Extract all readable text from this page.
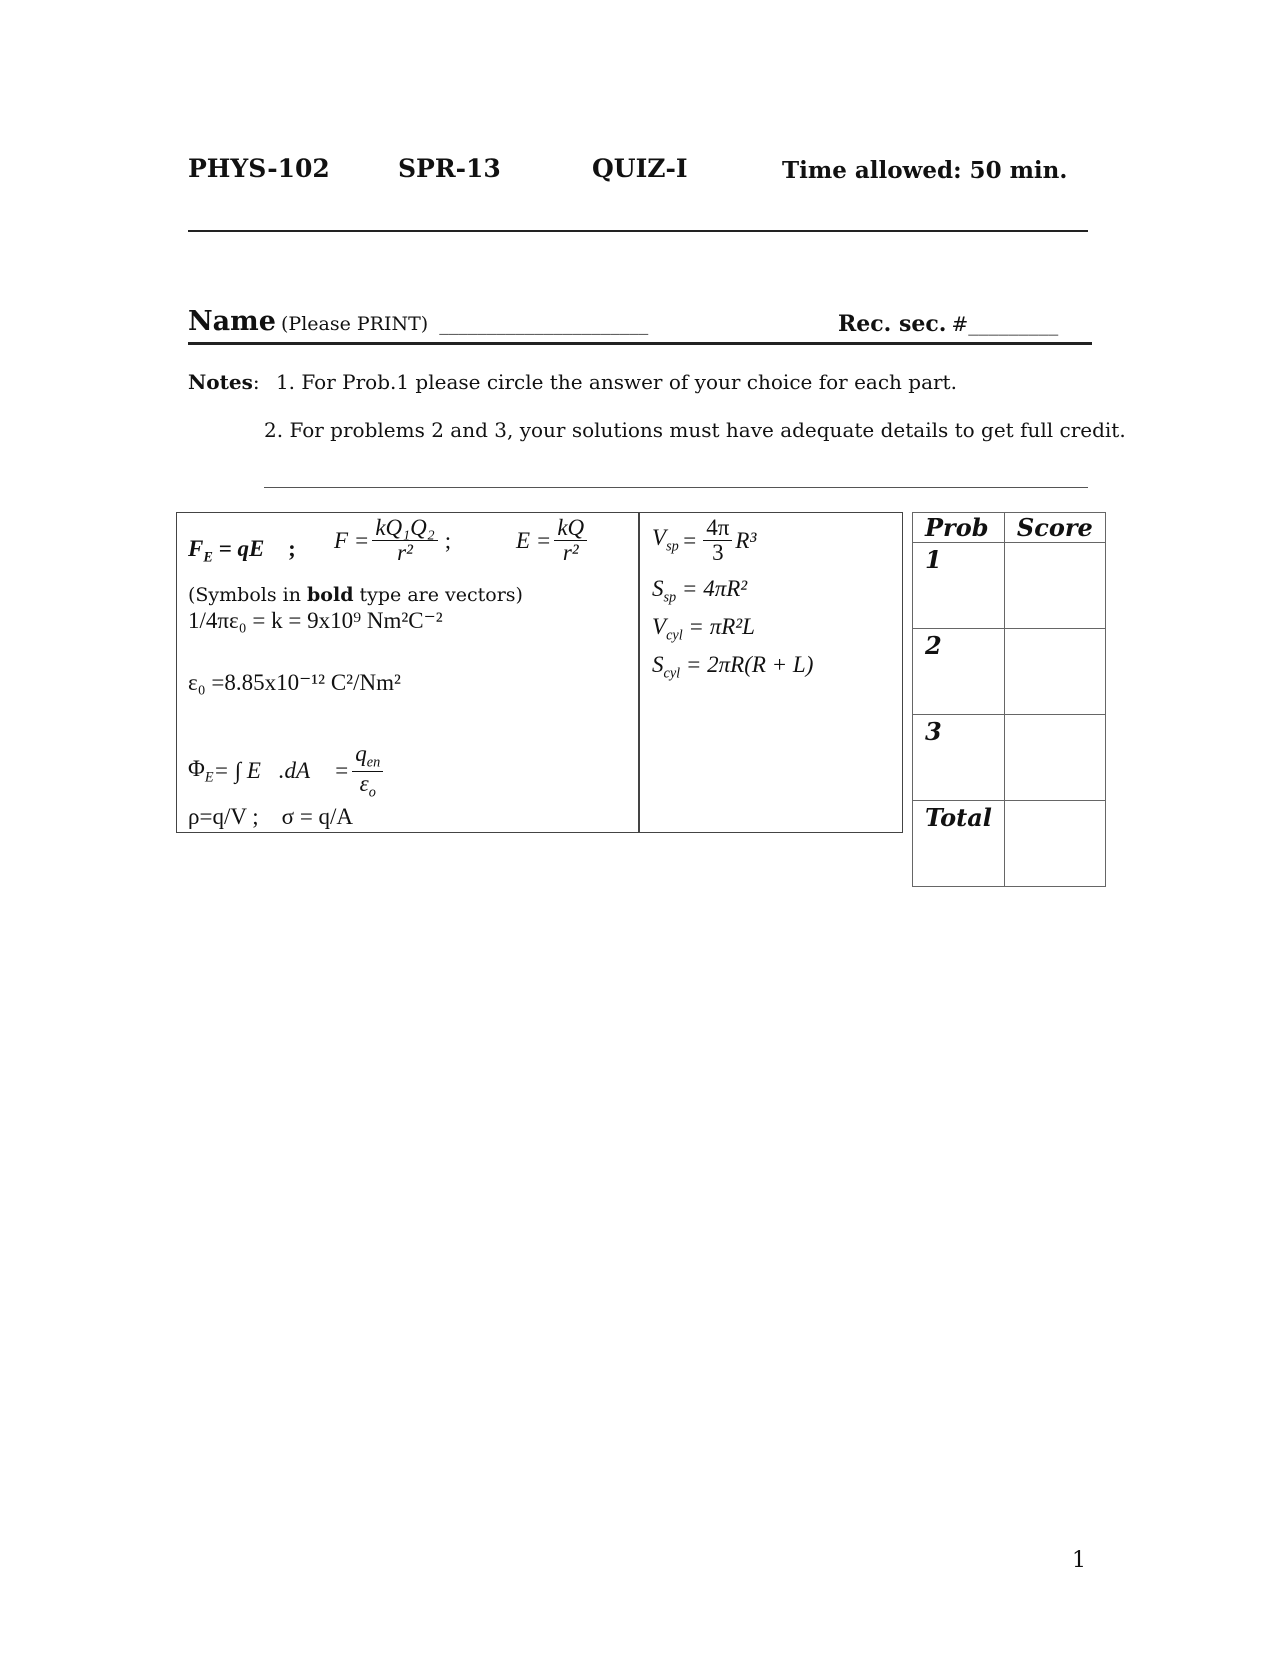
PHYS-102	SPR-13	QUIZ-I	Time allowed: 50 min.
Name (Please PRINT) ______________________	Rec. sec. #_________
Notes: 1. For Prob.1 please circle the answer of your choice for each part.
2. For problems 2 and 3, your solutions must have adequate details to get full credit.
$F_E$ = qE ; $F = \frac{\text{kQ₁Q₂}}{\text{r²}}$ ;	$E = \frac{kQ}{\text{r²}}$
(Symbols in bold type are vectors)
1/4πε₀ = k = 9x10⁹ Nm²C⁻²
ε₀ =8.85x10⁻¹² C²/Nm²
$\Phi_E$ = ∫ E⃗.dA⃗ = $\frac{q_{en}}{\varepsilon_o}$
ρ=q/V ;    σ = q/A
$V_{sp} = \frac{4\pi}{3} R^3$
$S_{sp} = 4\pi R^2$
$V_{cyl} = \pi R^2L$
$S_{cyl} = 2\pi R(R + L)$
Prob	Score
1	
2	
3	
Total	
1
